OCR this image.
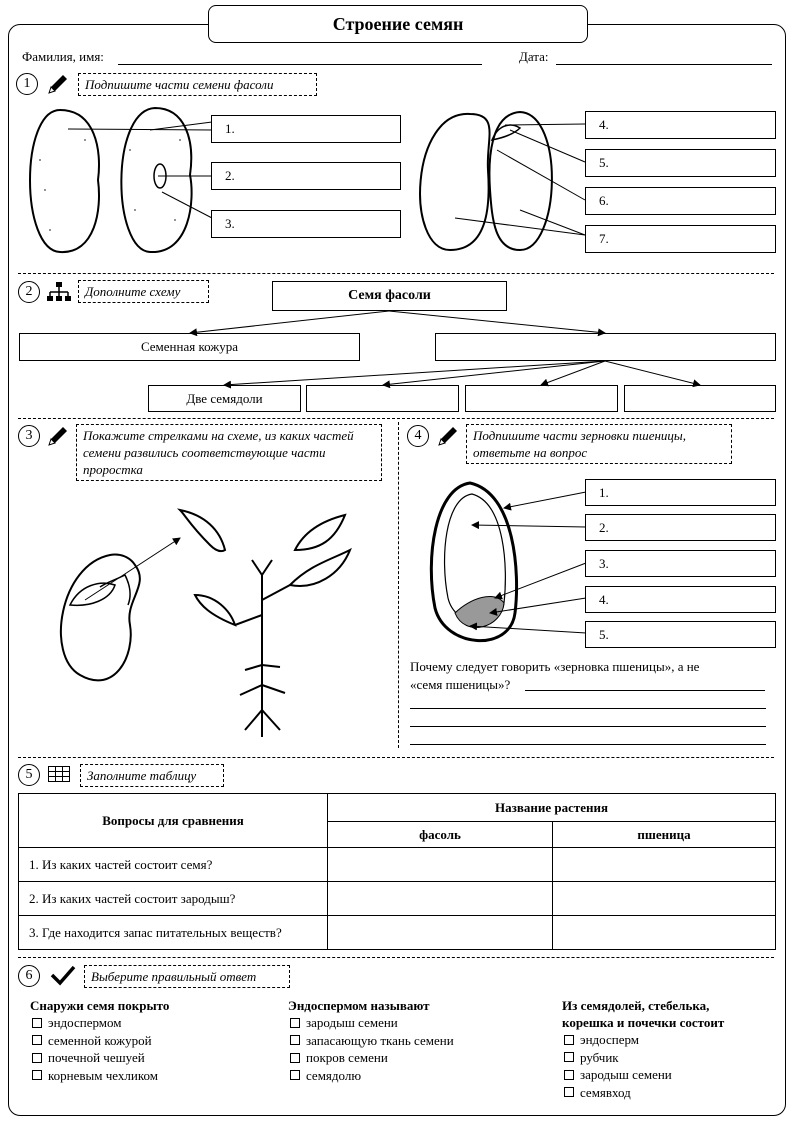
Строение семян
Фамилия, имя:	Дата:
1	Подпишите части семени фасоли
1.
2.
3.
4.
5.
6.
7.
2	Дополните схему	Семя фасоли
Семенная кожура
Две семядоли
3	Покажите стрелками на схеме, из каких частей семени развились соответствующие части проростка
4	Подпишите части зерновки пшеницы, ответьте на вопрос
1.
2.
3.
4.
5.
Почему следует говорить «зерновка пшеницы», а не
«семя пшеницы»?
5	Заполните таблицу
Вопросы для сравнения	Название растения	
	фасоль	пшеница
1. Из каких частей состоит семя?		
2. Из каких частей состоит зародыш?		
3. Где находится запас питательных веществ?		
6	Выберите правильный ответ
Снаружи семя покрыто
эндоспермом
семенной кожурой
почечной чешуей
корневым чехликом
Эндоспермом называют
зародыш семени
запасающую ткань семени
покров семени
семядолю
Из семядолей, стебелька,
корешка и почечки состоит
эндосперм
рубчик
зародыш семени
семявход
